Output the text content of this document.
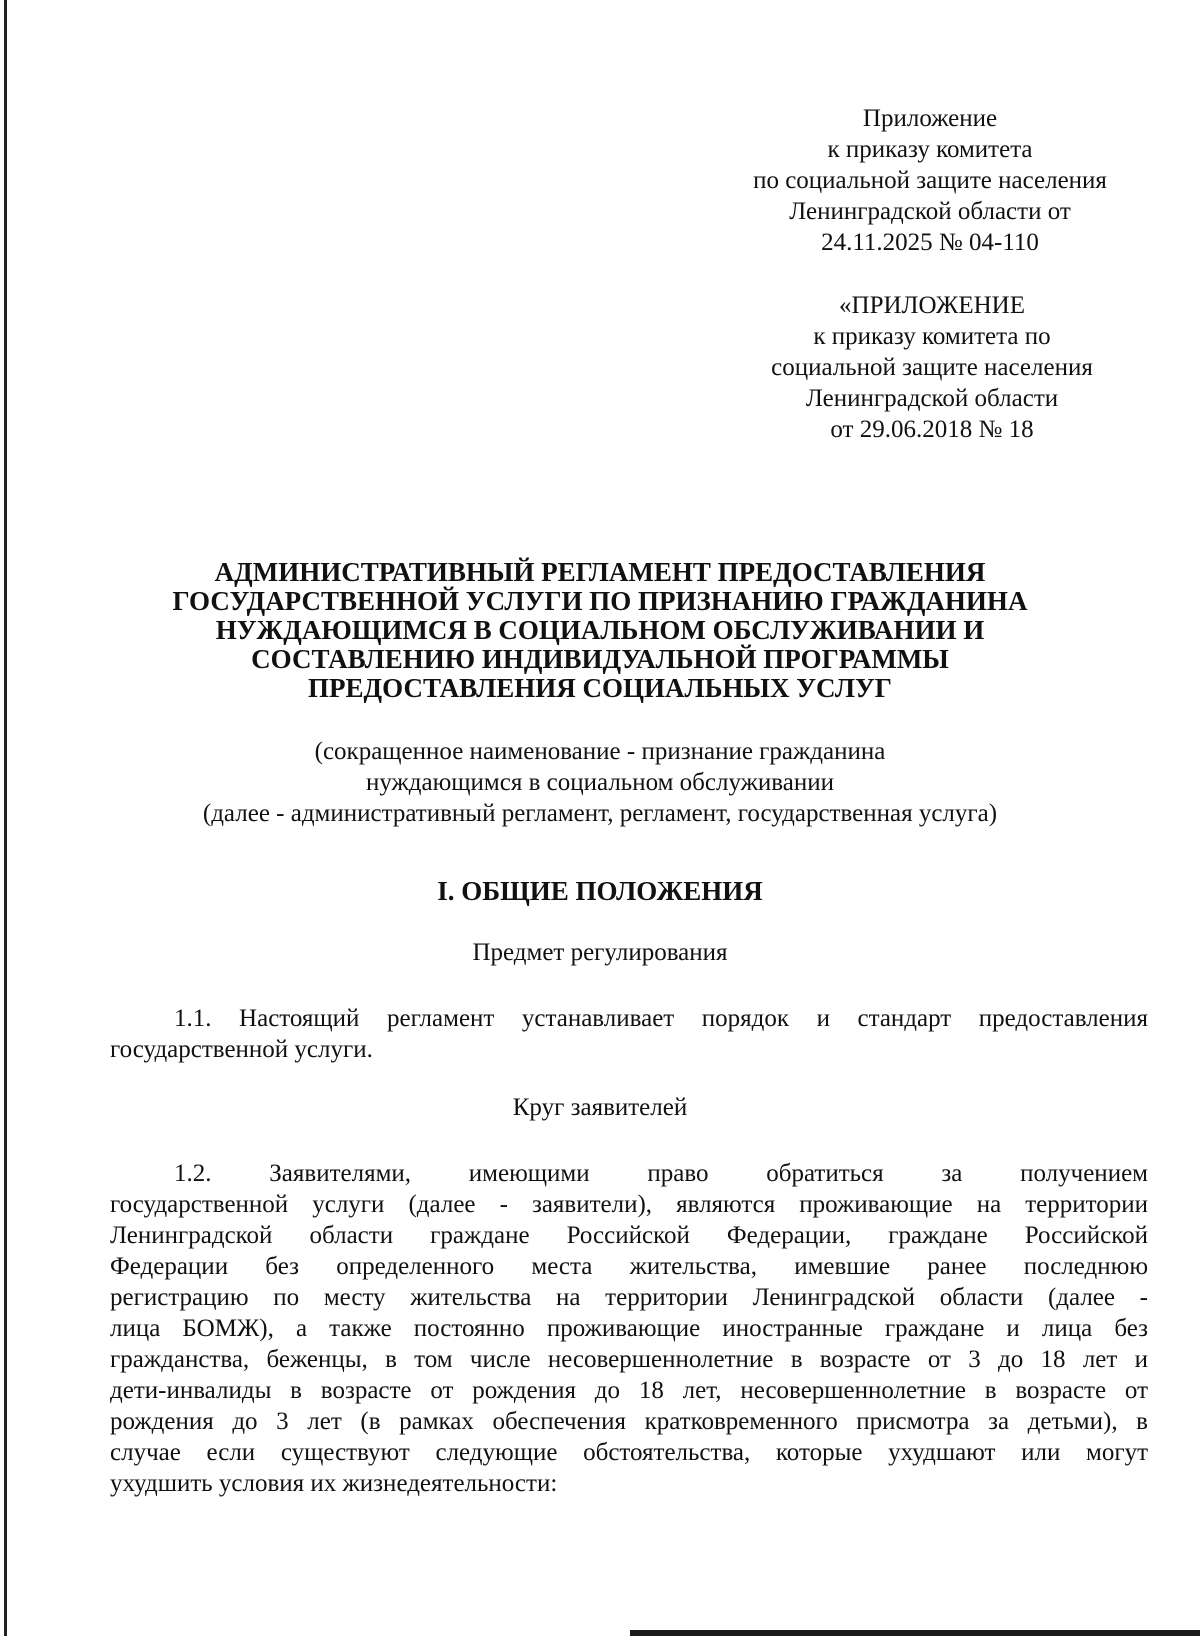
Приложение
к приказу комитета
по социальной защите населения
Ленинградской области от
24.11.2025 № 04-110
«ПРИЛОЖЕНИЕ
к приказу комитета по
социальной защите населения
Ленинградской области
от 29.06.2018 № 18
АДМИНИСТРАТИВНЫЙ РЕГЛАМЕНТ ПРЕДОСТАВЛЕНИЯ
ГОСУДАРСТВЕННОЙ УСЛУГИ ПО ПРИЗНАНИЮ ГРАЖДАНИНА
НУЖДАЮЩИМСЯ В СОЦИАЛЬНОМ ОБСЛУЖИВАНИИ И
СОСТАВЛЕНИЮ ИНДИВИДУАЛЬНОЙ ПРОГРАММЫ
ПРЕДОСТАВЛЕНИЯ СОЦИАЛЬНЫХ УСЛУГ
(сокращенное наименование - признание гражданина
нуждающимся в социальном обслуживании
(далее - административный регламент, регламент, государственная услуга)
I. ОБЩИЕ ПОЛОЖЕНИЯ
Предмет регулирования
1.1. Настоящий регламент устанавливает порядок и стандарт предоставления
государственной услуги.
Круг заявителей
1.2. Заявителями, имеющими право обратиться за получением
государственной услуги (далее - заявители), являются проживающие на территории
Ленинградской области граждане Российской Федерации, граждане Российской
Федерации без определенного места жительства, имевшие ранее последнюю
регистрацию по месту жительства на территории Ленинградской области (далее -
лица БОМЖ), а также постоянно проживающие иностранные граждане и лица без
гражданства, беженцы, в том числе несовершеннолетние в возрасте от 3 до 18 лет и
дети-инвалиды в возрасте от рождения до 18 лет, несовершеннолетние в возрасте от
рождения до 3 лет (в рамках обеспечения кратковременного присмотра за детьми), в
случае если существуют следующие обстоятельства, которые ухудшают или могут
ухудшить условия их жизнедеятельности:
